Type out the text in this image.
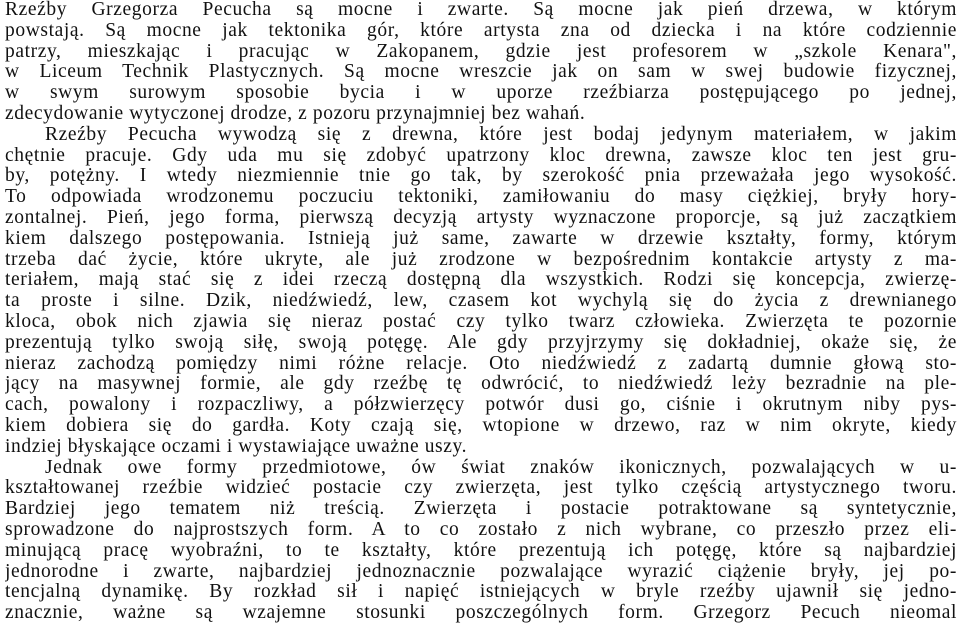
Rzeźby Grzegorza Pecucha są mocne i zwarte. Są mocne jak pień drzewa, w którym
powstają. Są mocne jak tektonika gór, które artysta zna od dziecka i na które codziennie
patrzy, mieszkając i pracując w Zakopanem, gdzie jest profesorem w „szkole Kenara",
w Liceum Technik Plastycznych. Są mocne wreszcie jak on sam w swej budowie fizycznej,
w swym surowym sposobie bycia i w uporze rzeźbiarza postępującego po jednej,
zdecydowanie wytyczonej drodze, z pozoru przynajmniej bez wahań.
Rzeźby Pecucha wywodzą się z drewna, które jest bodaj jedynym materiałem, w jakim
chętnie pracuje. Gdy uda mu się zdobyć upatrzony kloc drewna, zawsze kloc ten jest gru-
by, potężny. I wtedy niezmiennie tnie go tak, by szerokość pnia przeważała jego wysokość.
To odpowiada wrodzonemu poczuciu tektoniki, zamiłowaniu do masy ciężkiej, bryły hory-
zontalnej. Pień, jego forma, pierwszą decyzją artysty wyznaczone proporcje, są już zaczątkiem
kiem dalszego postępowania. Istnieją już same, zawarte w drzewie kształty, formy, którym
trzeba dać życie, które ukryte, ale już zrodzone w bezpośrednim kontakcie artysty z ma-
teriałem, mają stać się z idei rzeczą dostępną dla wszystkich. Rodzi się koncepcja, zwierzę-
ta proste i silne. Dzik, niedźwiedź, lew, czasem kot wychylą się do życia z drewnianego
kloca, obok nich zjawia się nieraz postać czy tylko twarz człowieka. Zwierzęta te pozornie
prezentują tylko swoją siłę, swoją potęgę. Ale gdy przyjrzymy się dokładniej, okaże się, że
nieraz zachodzą pomiędzy nimi różne relacje. Oto niedźwiedź z zadartą dumnie głową sto-
jący na masywnej formie, ale gdy rzeźbę tę odwrócić, to niedźwiedź leży bezradnie na ple-
cach, powalony i rozpaczliwy, a półzwierzęcy potwór dusi go, ciśnie i okrutnym niby pys-
kiem dobiera się do gardła. Koty czają się, wtopione w drzewo, raz w nim okryte, kiedy
indziej błyskające oczami i wystawiające uważne uszy.
Jednak owe formy przedmiotowe, ów świat znaków ikonicznych, pozwalających w u-
kształtowanej rzeźbie widzieć postacie czy zwierzęta, jest tylko częścią artystycznego tworu.
Bardziej jego tematem niż treścią. Zwierzęta i postacie potraktowane są syntetycznie,
sprowadzone do najprostszych form. A to co zostało z nich wybrane, co przeszło przez eli-
minującą pracę wyobraźni, to te kształty, które prezentują ich potęgę, które są najbardziej
jednorodne i zwarte, najbardziej jednoznacznie pozwalające wyrazić ciążenie bryły, jej po-
tencjalną dynamikę. By rozkład sił i napięć istniejących w bryle rzeźby ujawnił się jedno-
znacznie, ważne są wzajemne stosunki poszczególnych form. Grzegorz Pecuch nieomal
